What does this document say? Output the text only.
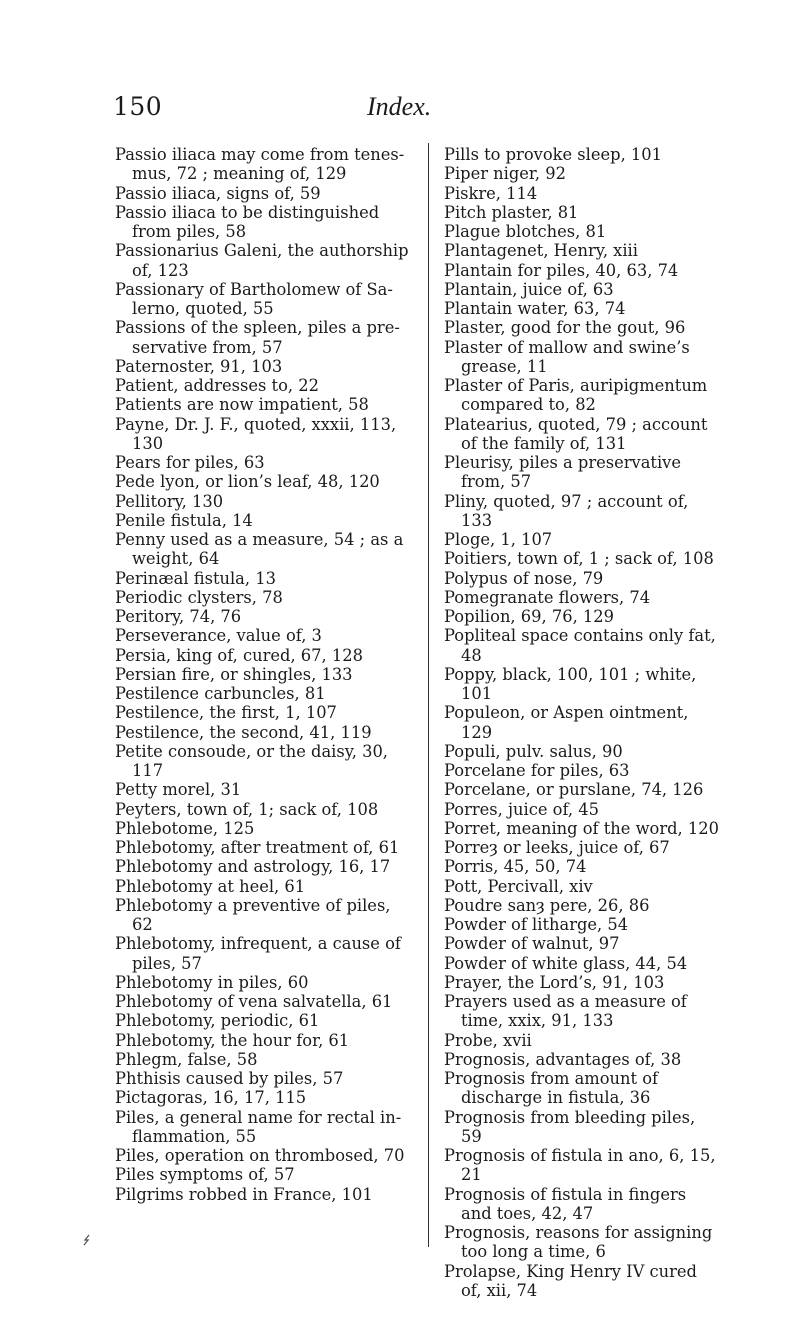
150	Index.

Passio iliaca may come from tenesmus, 72 ; meaning of, 129

Passio iliaca, signs of, 59

Passio iliaca to be distinguished from piles, 58

Passionarius Galeni, the authorship of, 123

Passionary of Bartholomew of Salerno, quoted, 55

Passions of the spleen, piles a preservative from, 57

Paternoster, 91, 103

Patient, addresses to, 22

Patients are now impatient, 58

Payne, Dr. J. F., quoted, xxxii, 113, 130

Pears for piles, 63

Pede lyon, or lion’s leaf, 48, 120

Pellitory, 130

Penile fistula, 14

Penny used as a measure, 54 ; as a weight, 64

Perinæal fistula, 13

Periodic clysters, 78

Peritory, 74, 76

Perseverance, value of, 3

Persia, king of, cured, 67, 128

Persian fire, or shingles, 133

Pestilence carbuncles, 81

Pestilence, the first, 1, 107

Pestilence, the second, 41, 119

Petite consoude, or the daisy, 30, 117

Petty morel, 31

Peyters, town of, 1; sack of, 108

Phlebotome, 125

Phlebotomy, after treatment of, 61

Phlebotomy and astrology, 16, 17

Phlebotomy at heel, 61

Phlebotomy a preventive of piles, 62

Phlebotomy, infrequent, a cause of piles, 57

Phlebotomy in piles, 60

Phlebotomy of vena salvatella, 61

Phlebotomy, periodic, 61

Phlebotomy, the hour for, 61

Phlegm, false, 58

Phthisis caused by piles, 57

Pictagoras, 16, 17, 115

Piles, a general name for rectal inflammation, 55

Piles, operation on thrombosed, 70

Piles symptoms of, 57

Pilgrims robbed in France, 101

Pills to provoke sleep, 101

Piper niger, 92

Piskre, 114

Pitch plaster, 81

Plague blotches, 81

Plantagenet, Henry, xiii

Plantain for piles, 40, 63, 74

Plantain, juice of, 63

Plantain water, 63, 74

Plaster, good for the gout, 96

Plaster of mallow and swine’s grease, 11

Plaster of Paris, auripigmentum compared to, 82

Platearius, quoted, 79 ; account of the family of, 131

Pleurisy, piles a preservative from, 57

Pliny, quoted, 97 ; account of, 133

Ploge, 1, 107

Poitiers, town of, 1 ; sack of, 108

Polypus of nose, 79

Pomegranate flowers, 74

Popilion, 69, 76, 129

Popliteal space contains only fat, 48

Poppy, black, 100, 101 ; white, 101

Populeon, or Aspen ointment, 129

Populi, pulv. salus, 90

Porcelane for piles, 63

Porcelane, or purslane, 74, 126

Porres, juice of, 45

Porret, meaning of the word, 120

Porreȝ or leeks, juice of, 67

Porris, 45, 50, 74

Pott, Percivall, xiv

Poudre sanȝ pere, 26, 86

Powder of litharge, 54

Powder of walnut, 97

Powder of white glass, 44, 54

Prayer, the Lord’s, 91, 103

Prayers used as a measure of time, xxix, 91, 133

Probe, xvii

Prognosis, advantages of, 38

Prognosis from amount of discharge in fistula, 36

Prognosis from bleeding piles, 59

Prognosis of fistula in ano, 6, 15, 21

Prognosis of fistula in fingers and toes, 42, 47

Prognosis, reasons for assigning too long a time, 6

Prolapse, King Henry IV cured of, xii, 74
